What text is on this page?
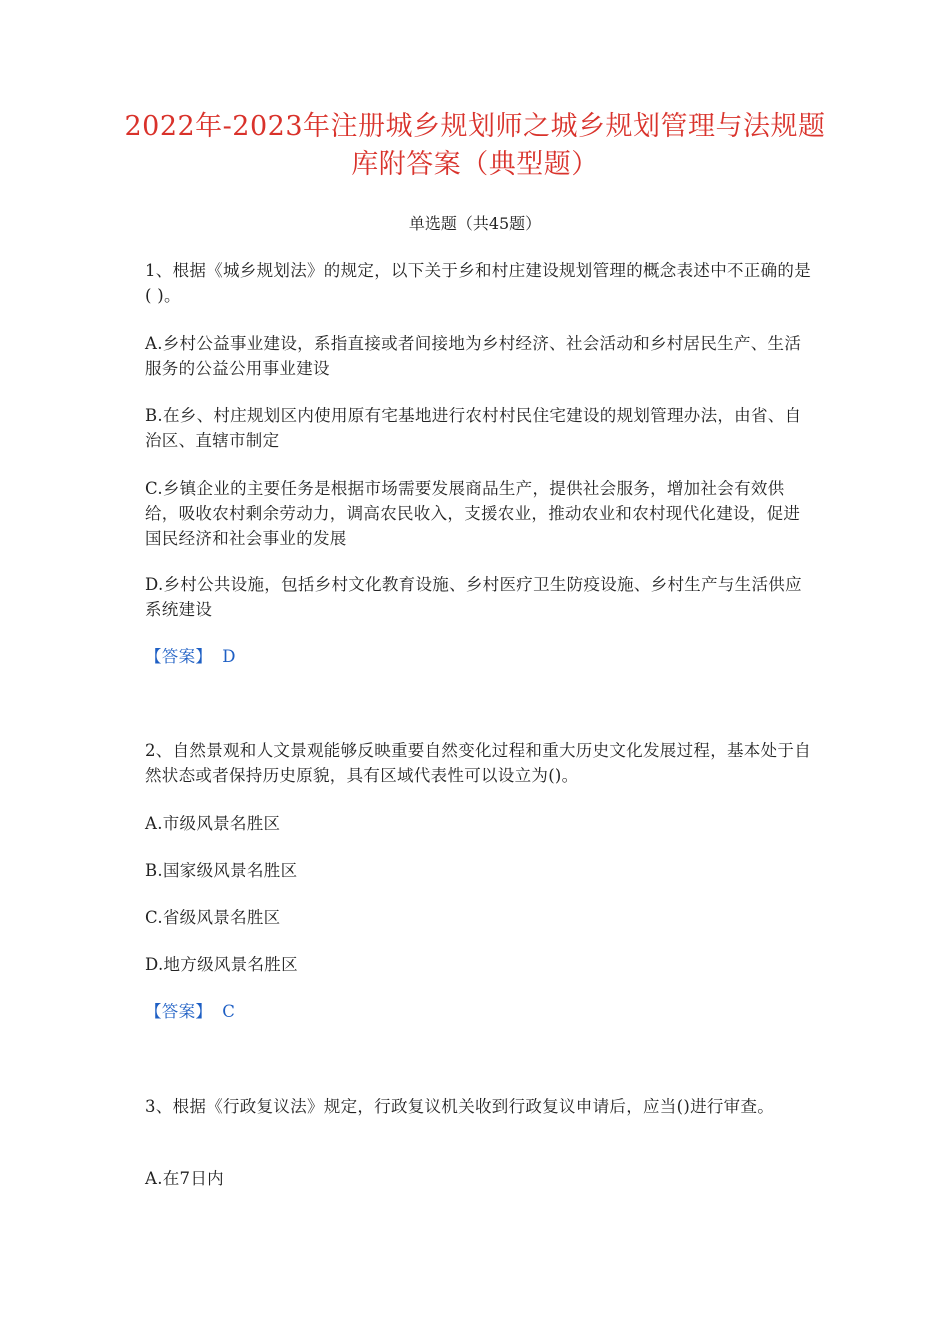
2022年-2023年注册城乡规划师之城乡规划管理与法规题库附答案（典型题）
单选题（共45题）

1、根据《城乡规划法》的规定，以下关于乡和村庄建设规划管理的概念表述中不正确的是( )。

A.乡村公益事业建设，系指直接或者间接地为乡村经济、社会活动和乡村居民生产、生活服务的公益公用事业建设

B.在乡、村庄规划区内使用原有宅基地进行农村村民住宅建设的规划管理办法，由省、自治区、直辖市制定

C.乡镇企业的主要任务是根据市场需要发展商品生产，提供社会服务，增加社会有效供给，吸收农村剩余劳动力，调高农民收入，支援农业，推动农业和农村现代化建设，促进国民经济和社会事业的发展

D.乡村公共设施，包括乡村文化教育设施、乡村医疗卫生防疫设施、乡村生产与生活供应系统建设

【答案】 D

2、自然景观和人文景观能够反映重要自然变化过程和重大历史文化发展过程，基本处于自然状态或者保持历史原貌，具有区域代表性可以设立为()。

A.市级风景名胜区

B.国家级风景名胜区

C.省级风景名胜区

D.地方级风景名胜区

【答案】 C

3、根据《行政复议法》规定，行政复议机关收到行政复议申请后，应当()进行审查。

A.在7日内
